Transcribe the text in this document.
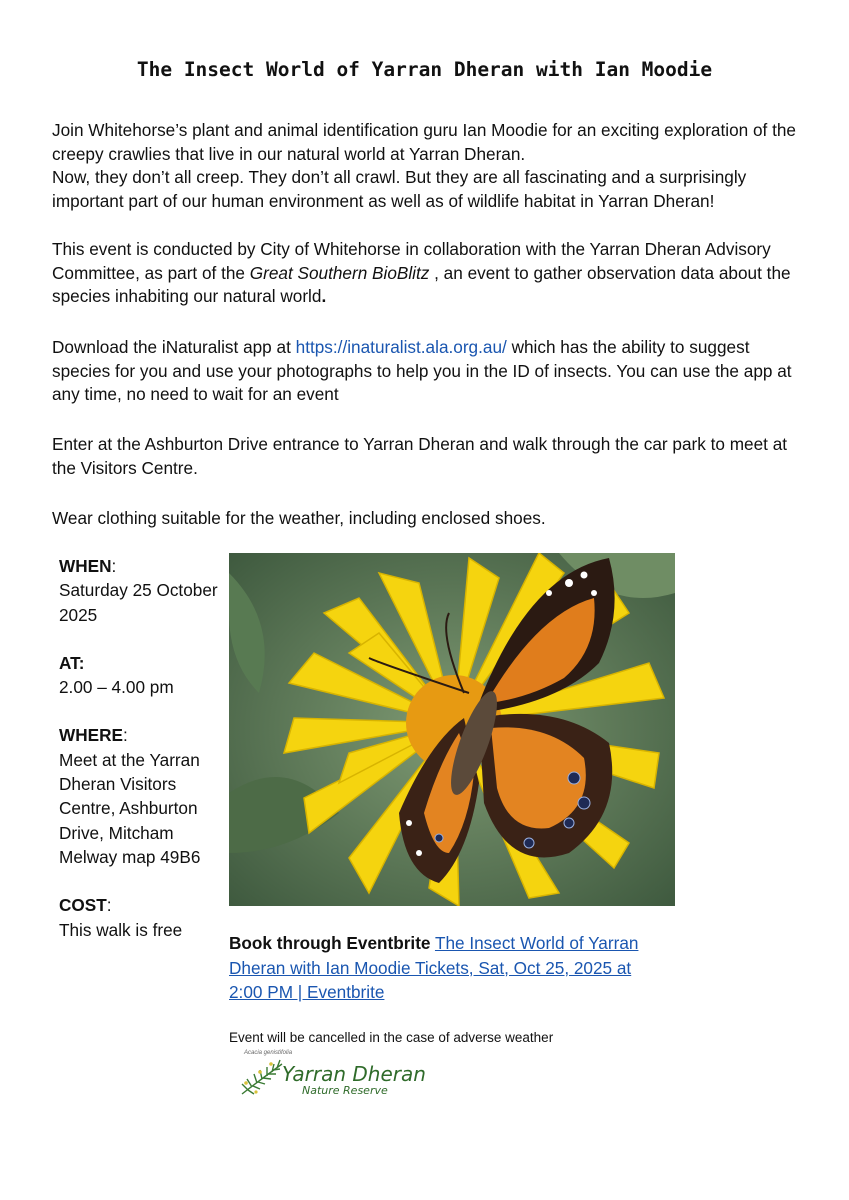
The Insect World of Yarran Dheran with Ian Moodie
Join Whitehorse’s plant and animal identification guru Ian Moodie for an exciting exploration of the creepy crawlies that live in our natural world at Yarran Dheran.
Now, they don’t all creep. They don’t all crawl. But they are all fascinating and a surprisingly important part of our human environment as well as of wildlife habitat in Yarran Dheran!
This event is conducted by City of Whitehorse in collaboration with the Yarran Dheran Advisory Committee, as part of the Great Southern BioBlitz , an event to gather observation data about the species inhabiting our natural world.
Download the iNaturalist app at https://inaturalist.ala.org.au/ which has the ability to suggest species for you and use your photographs to help you in the ID of insects. You can use the app at any time, no need to wait for an event
Enter at the Ashburton Drive entrance to Yarran Dheran and walk through the car park to meet at the Visitors Centre.
Wear clothing suitable for the weather, including enclosed shoes.
WHEN:
Saturday 25 October 2025
AT:
2.00 – 4.00 pm
WHERE:
Meet at the Yarran Dheran Visitors Centre, Ashburton Drive, Mitcham
Melway map 49B6
COST:
This walk is free
Book through Eventbrite The Insect World of Yarran Dheran with Ian Moodie Tickets, Sat, Oct 25, 2025 at 2:00 PM | Eventbrite
Event will be cancelled in the case of adverse weather
Acacia genistifolia
Yarran Dheran
Nature Reserve
